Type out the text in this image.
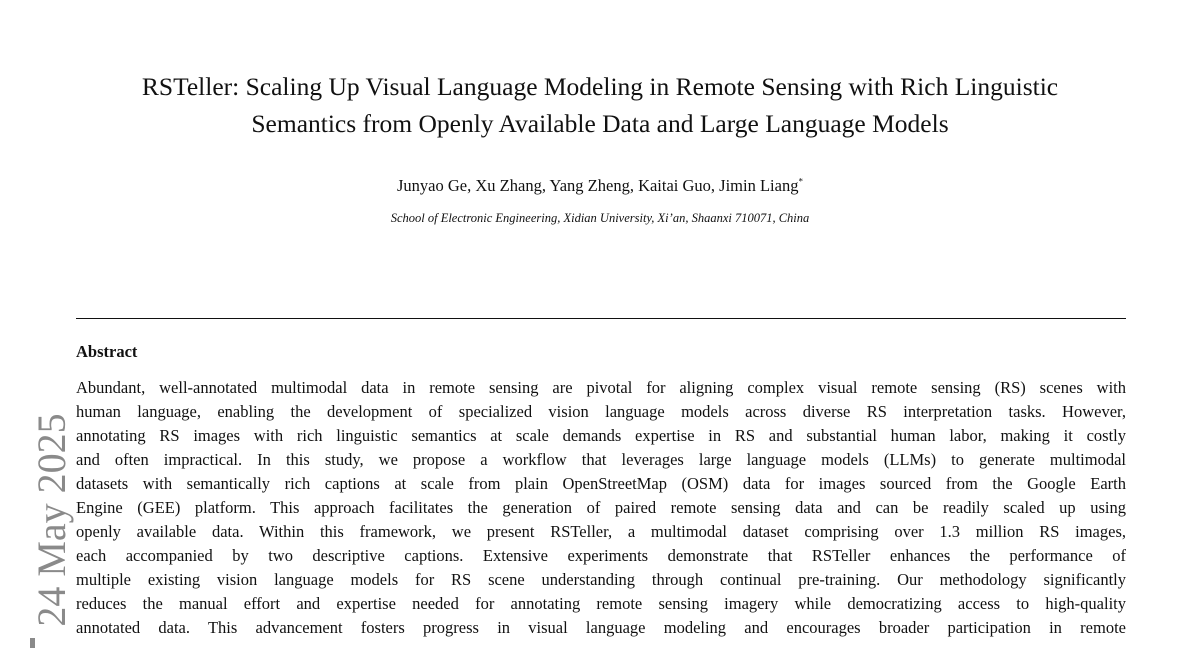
RSTeller: Scaling Up Visual Language Modeling in Remote Sensing with Rich Linguistic
Semantics from Openly Available Data and Large Language Models
Junyao Ge, Xu Zhang, Yang Zheng, Kaitai Guo, Jimin Liang*
School of Electronic Engineering, Xidian University, Xi’an, Shaanxi 710071, China
Abstract
Abundant, well-annotated multimodal data in remote sensing are pivotal for aligning complex visual remote sensing (RS) scenes with
human language, enabling the development of specialized vision language models across diverse RS interpretation tasks. However,
annotating RS images with rich linguistic semantics at scale demands expertise in RS and substantial human labor, making it costly
and often impractical. In this study, we propose a workflow that leverages large language models (LLMs) to generate multimodal
datasets with semantically rich captions at scale from plain OpenStreetMap (OSM) data for images sourced from the Google Earth
Engine (GEE) platform. This approach facilitates the generation of paired remote sensing data and can be readily scaled up using
openly available data. Within this framework, we present RSTeller, a multimodal dataset comprising over 1.3 million RS images,
each accompanied by two descriptive captions. Extensive experiments demonstrate that RSTeller enhances the performance of
multiple existing vision language models for RS scene understanding through continual pre-training. Our methodology significantly
reduces the manual effort and expertise needed for annotating remote sensing imagery while democratizing access to high-quality
annotated data. This advancement fosters progress in visual language modeling and encourages broader participation in remote
24 May 2025
